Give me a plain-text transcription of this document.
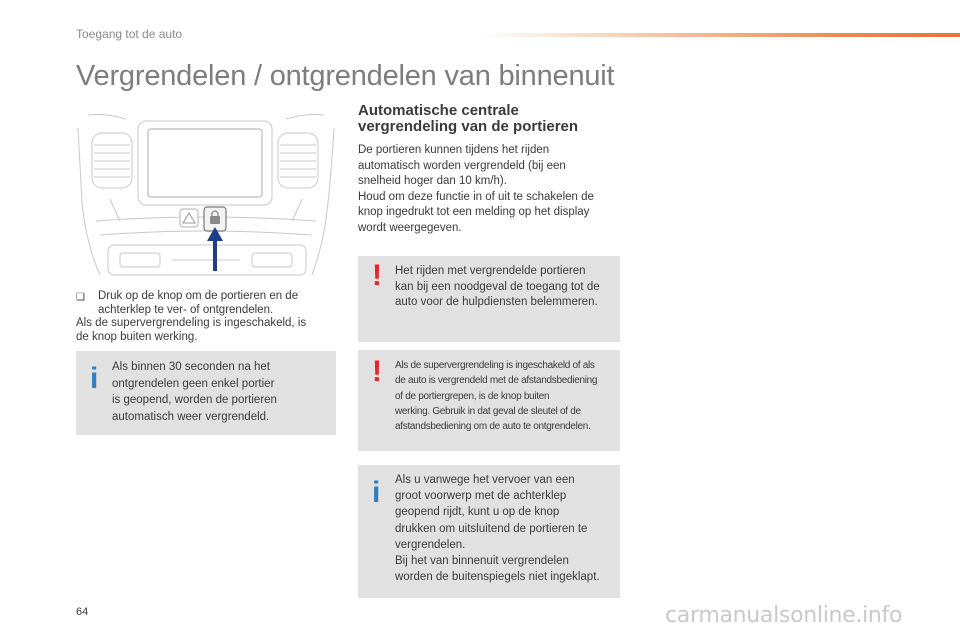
Toegang tot de auto
Vergrendelen / ontgrendelen van binnenuit
❑	Druk op de knop om de portieren en de

achterklep te ver- of ontgrendelen.

Als de supervergrendeling is ingeschakeld, is

de knop buiten werking.

i Als binnen 30 seconden na het
ontgrendelen geen enkel portier
is geopend, worden de portieren
automatisch weer vergrendeld.
Automatische centrale
vergrendeling van de portieren
De portieren kunnen tijdens het rijden
automatisch worden vergrendeld (bij een
snelheid hoger dan 10 km/h).
Houd om deze functie in of uit te schakelen de
knop ingedrukt tot een melding op het display
wordt weergegeven.
! Het rijden met vergrendelde portieren
kan bij een noodgeval de toegang tot de
auto voor de hulpdiensten belemmeren.
! Als de supervergrendeling is ingeschakeld of als
de auto is vergrendeld met de afstandsbediening
of de portiergrepen, is de knop buiten
werking. Gebruik in dat geval de sleutel of de
afstandsbediening om de auto te ontgrendelen.
i Als u vanwege het vervoer van een
groot voorwerp met de achterklep
geopend rijdt, kunt u op de knop
drukken om uitsluitend de portieren te
vergrendelen.
Bij het van binnenuit vergrendelen
worden de buitenspiegels niet ingeklapt.
64	carmanualsonline.info
